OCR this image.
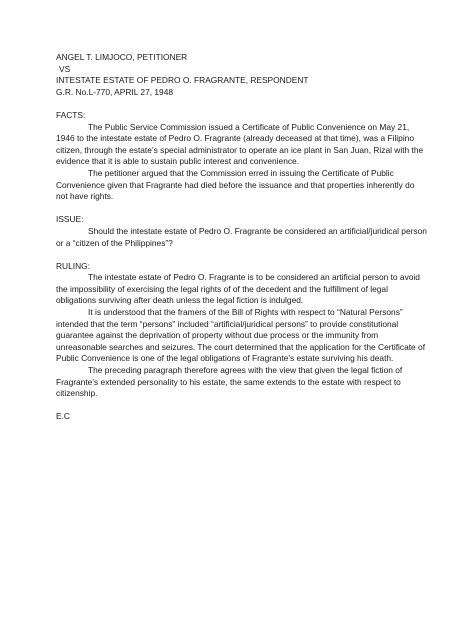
ANGEL T. LIMJOCO, PETITIONER
VS
INTESTATE ESTATE OF PEDRO O. FRAGRANTE, RESPONDENT
G.R. No.L-770, APRIL 27, 1948
FACTS:
The Public Service Commission issued a Certificate of Public Convenience on May 21, 1946 to the intestate estate of Pedro O. Fragrante (already deceased at that time), was a Filipino citizen, through the estate’s special administrator to operate an ice plant in San Juan, Rizal with the evidence that it is able to sustain public interest and convenience.
The petitioner argued that the Commission erred in issuing the Certificate of Public Convenience given that Fragrante had died before the issuance and that properties inherently do not have rights.
ISSUE:
Should the intestate estate of Pedro O. Fragrante be considered an artificial/juridical person or a “citizen of the Philippines”?
RULING:
The intestate estate of Pedro O. Fragrante is to be considered an artificial person to avoid the impossibility of exercising the legal rights of of the decedent and the fulfillment of legal obligations surviving after death unless the legal fiction is indulged.
It is understood that the framers of the Bill of Rights with respect to “Natural Persons” intended that the term “persons” included “artificial/juridical persons” to provide constitutional guarantee against the deprivation of property without due process or the immunity from unreasonable searches and seizures. The court determined that the application for the Certificate of Public Convenience is one of the legal obligations of Fragrante’s estate surviving his death.
The preceding paragraph therefore agrees with the view that given the legal fiction of Fragrante’s extended personality to his estate, the same extends to the estate with respect to citizenship.
E.C
